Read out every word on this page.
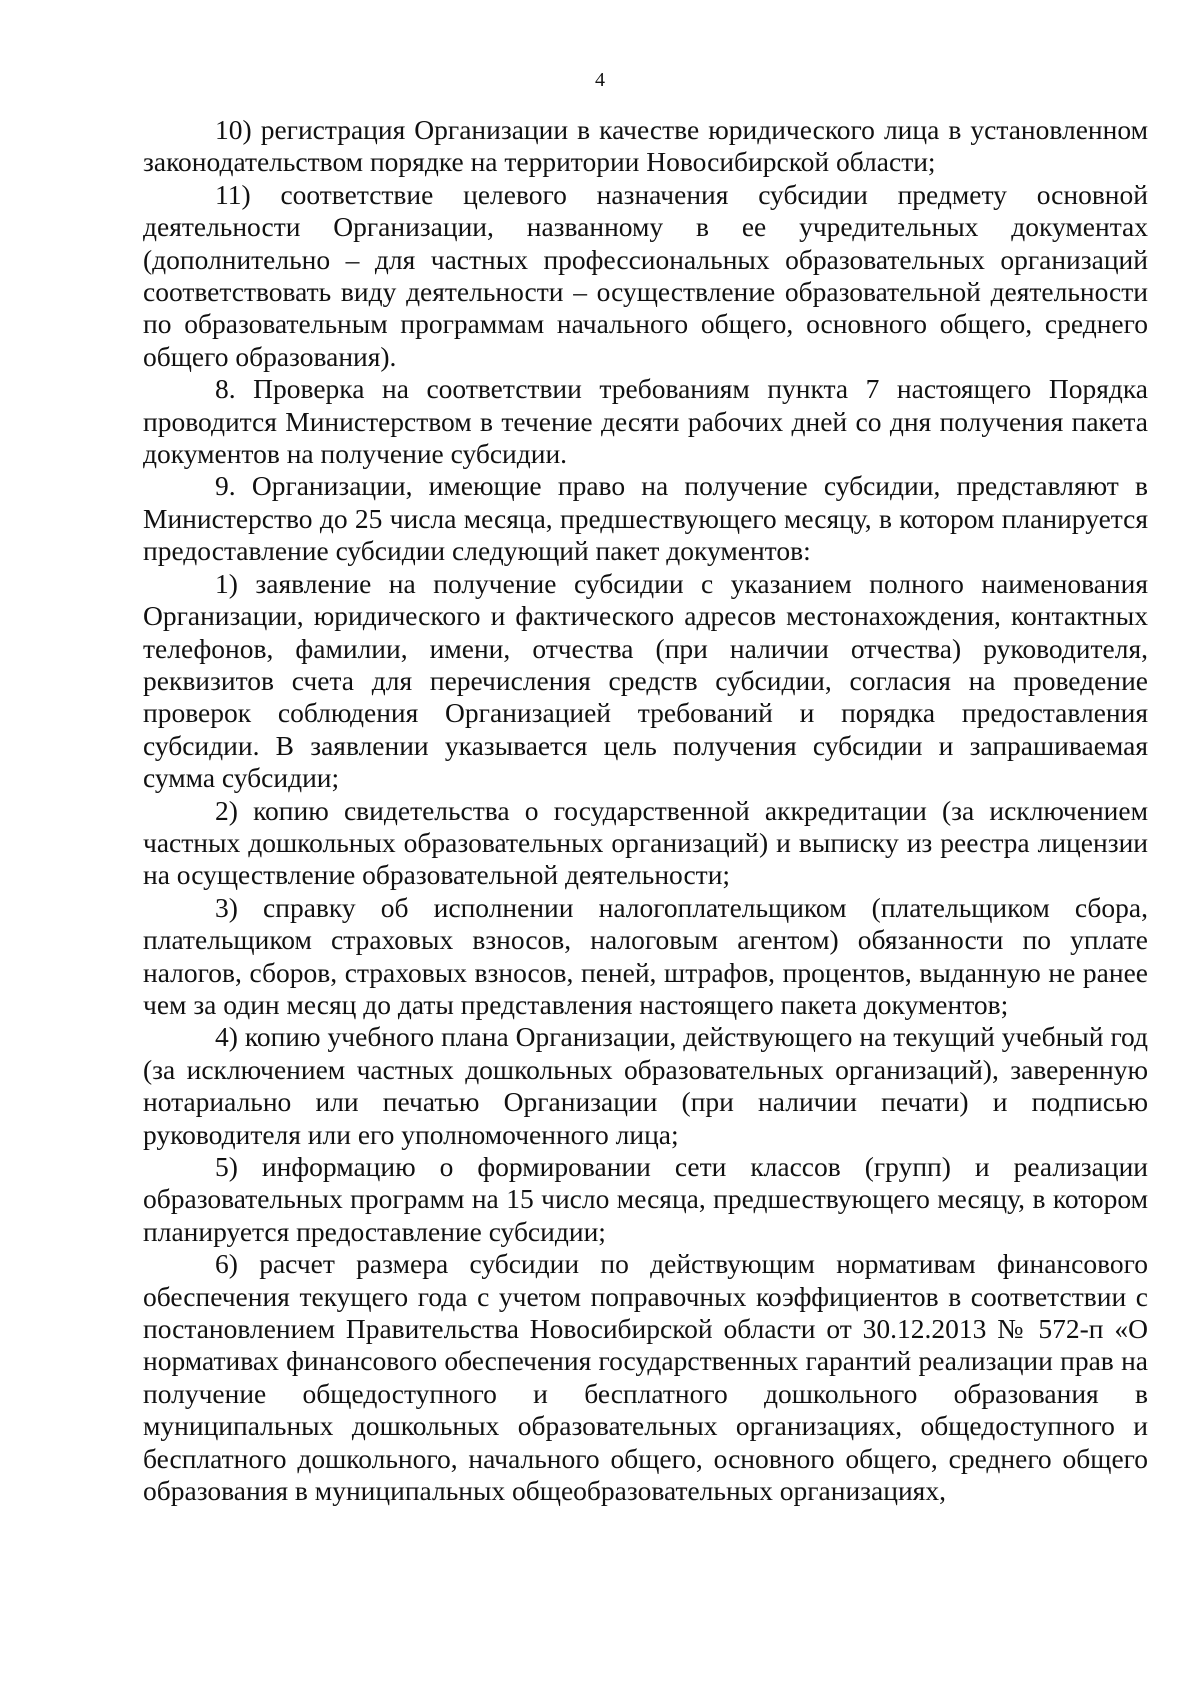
4

10) регистрация Организации в качестве юридического лица в установленном законодательством порядке на территории Новосибирской области;

11) соответствие целевого назначения субсидии предмету основной деятельности Организации, названному в ее учредительных документах (дополнительно – для частных профессиональных образовательных организаций соответствовать виду деятельности – осуществление образовательной деятельности по образовательным программам начального общего, основного общего, среднего общего образования).

8. Проверка на соответствии требованиям пункта 7 настоящего Порядка проводится Министерством в течение десяти рабочих дней со дня получения пакета документов на получение субсидии.

9. Организации, имеющие право на получение субсидии, представляют в Министерство до 25 числа месяца, предшествующего месяцу, в котором планируется предоставление субсидии следующий пакет документов:

1) заявление на получение субсидии с указанием полного наименования Организации, юридического и фактического адресов местонахождения, контактных телефонов, фамилии, имени, отчества (при наличии отчества) руководителя, реквизитов счета для перечисления средств субсидии, согласия на проведение проверок соблюдения Организацией требований и порядка предоставления субсидии. В заявлении указывается цель получения субсидии и запрашиваемая сумма субсидии;

2) копию свидетельства о государственной аккредитации (за исключением частных дошкольных образовательных организаций) и выписку из реестра лицензии на осуществление образовательной деятельности;

3) справку об исполнении налогоплательщиком (плательщиком сбора, плательщиком страховых взносов, налоговым агентом) обязанности по уплате налогов, сборов, страховых взносов, пеней, штрафов, процентов, выданную не ранее чем за один месяц до даты представления настоящего пакета документов;

4) копию учебного плана Организации, действующего на текущий учебный год (за исключением частных дошкольных образовательных организаций), заверенную нотариально или печатью Организации (при наличии печати) и подписью руководителя или его уполномоченного лица;

5) информацию о формировании сети классов (групп) и реализации образовательных программ на 15 число месяца, предшествующего месяцу, в котором планируется предоставление субсидии;

6) расчет размера субсидии по действующим нормативам финансового обеспечения текущего года с учетом поправочных коэффициентов в соответствии с постановлением Правительства Новосибирской области от 30.12.2013 № 572-п «О нормативах финансового обеспечения государственных гарантий реализации прав на получение общедоступного и бесплатного дошкольного образования в муниципальных дошкольных образовательных организациях, общедоступного и бесплатного дошкольного, начального общего, основного общего, среднего общего образования в муниципальных общеобразовательных организациях,
